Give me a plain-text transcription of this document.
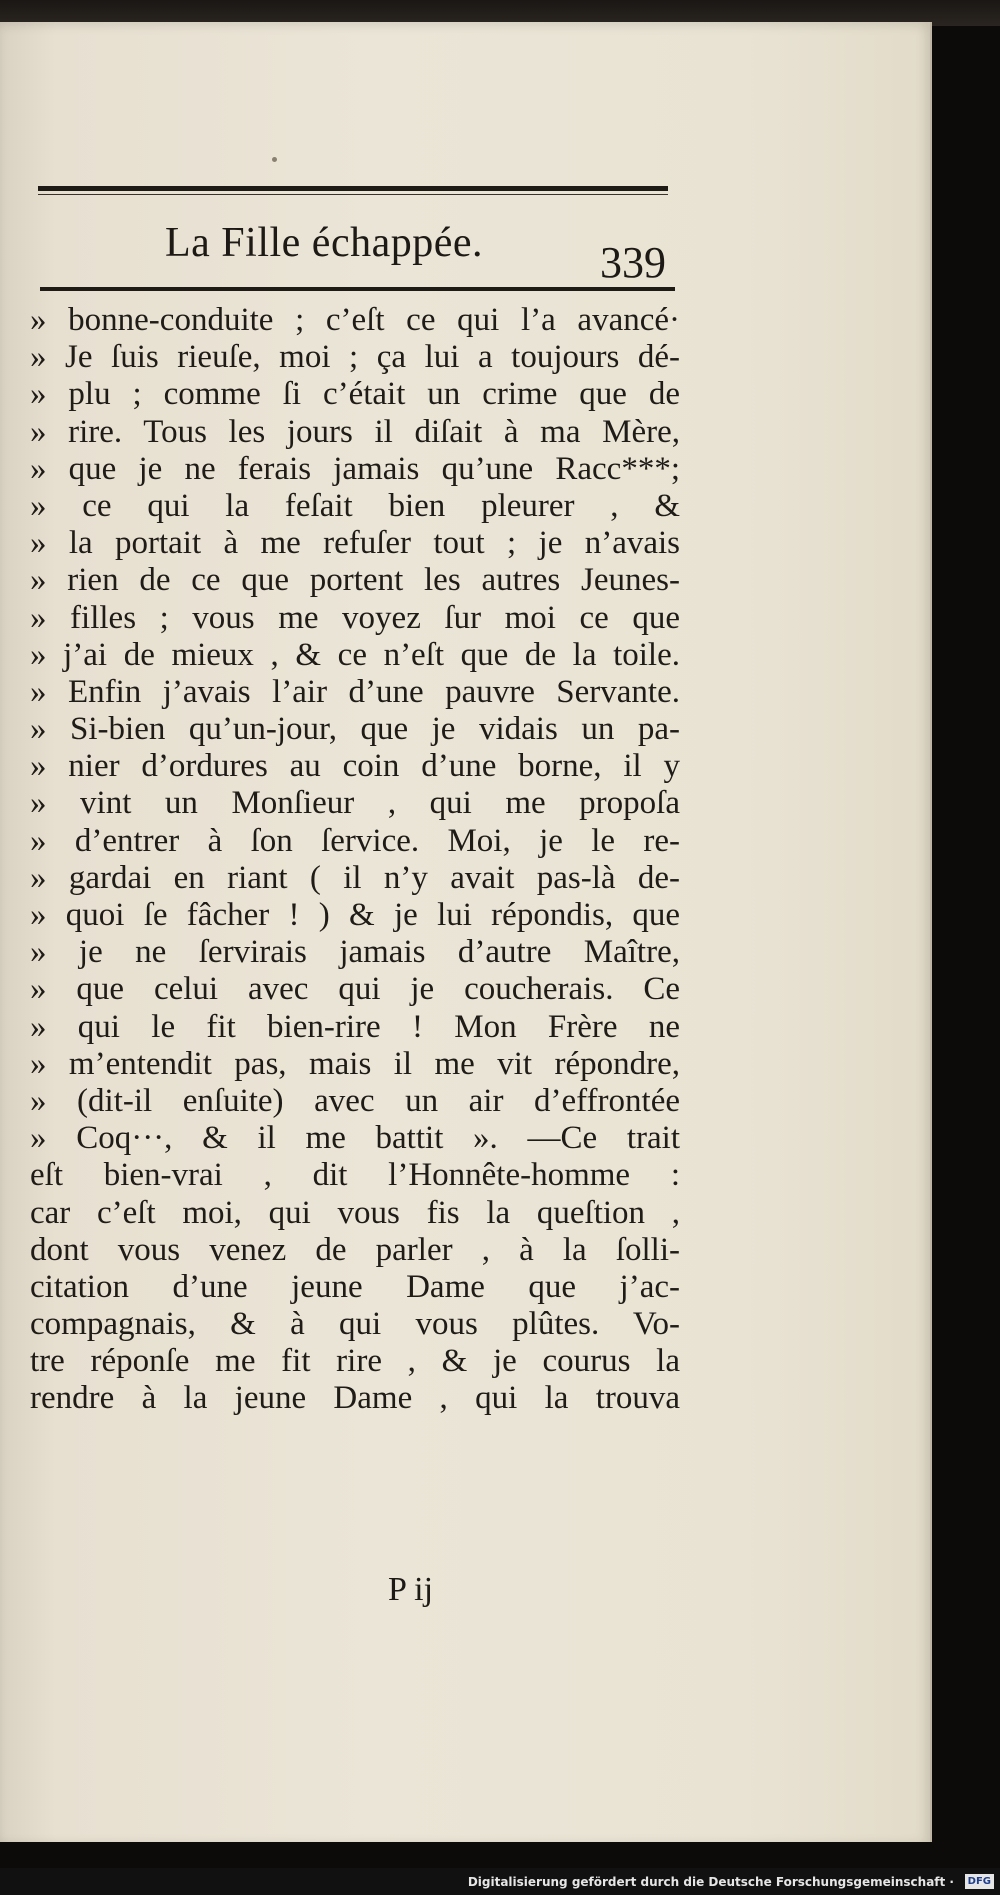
La Fille échappée.	339
» bonne-conduite ; c’eſt ce qui l’a avancé·
» Je ſuis rieuſe, moi ; ça lui a toujours dé-
» plu ; comme ſi c’était un crime que de
» rire. Tous les jours il diſait à ma Mère,
» que je ne ferais jamais qu’une Racc***;
» ce qui la feſait bien pleurer , &
» la portait à me refuſer tout ; je n’avais
» rien de ce que portent les autres Jeunes-
» filles ; vous me voyez ſur moi ce que
» j’ai de mieux , & ce n’eſt que de la toile.
» Enfin j’avais l’air d’une pauvre Servante.
» Si-bien qu’un-jour, que je vidais un pa-
» nier d’ordures au coin d’une borne, il y
» vint un Monſieur , qui me propoſa
» d’entrer à ſon ſervice. Moi, je le re-
» gardai en riant ( il n’y avait pas-là de-
» quoi ſe fâcher ! ) & je lui répondis, que
» je ne ſervirais jamais d’autre Maître,
» que celui avec qui je coucherais. Ce
» qui le fit bien-rire ! Mon Frère ne
» m’entendit pas, mais il me vit répondre,
» (dit-il enſuite) avec un air d’effrontée
» Coq···, & il me battit ». —Ce trait
eſt bien-vrai , dit l’Honnête-homme :
car c’eſt moi, qui vous fis la queſtion ,
dont vous venez de parler , à la ſolli-
citation d’une jeune Dame que j’ac-
compagnais, & à qui vous plûtes. Vo-
tre réponſe me fit rire , & je courus la
rendre à la jeune Dame , qui la trouva
P ij
Digitalisierung gefördert durch die Deutsche Forschungsgemeinschaft ·	DFG
